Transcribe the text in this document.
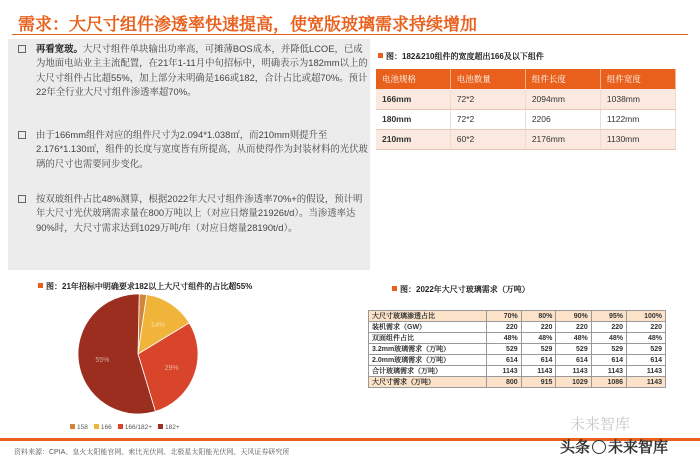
需求：大尺寸组件渗透率快速提高，使宽版玻璃需求持续增加
再看宽玻。大尺寸组件单块输出功率高，可摊薄BOS成本，并降低LCOE，已成为地面电站业主主流配置，在21年1-11月中旬招标中，明确表示为182mm以上的大尺寸组件占比超55%，加上部分未明确是166或182，合计占比或超70%。预计22年全行业大尺寸组件渗透率超70%。
由于166mm组件对应的组件尺寸为2.094*1.038㎡，而210mm则提升至2.176*1.130㎡，组件的长度与宽度皆有所提高，从而使得作为封装材料的光伏玻璃的尺寸也需要同步变化。
按双玻组件占比48%测算，根据2022年大尺寸组件渗透率70%+的假设，预计明年大尺寸光伏玻璃需求量在800万吨以上（对应日熔量21926t/d）。当渗透率达90%时，大尺寸需求达到1029万吨/年（对应日熔量28190t/d）。
图：182&210组件的宽度超出166及以下组件
电池规格	电池数量	组件长度	组件宽度
166mm	72*2	2094mm	1038mm
180mm	72*2	2206	1122mm
210mm	60*2	2176mm	1130mm
图：21年招标中明确要求182以上大尺寸组件的占比超55%
14%
29%
55%
158 166 166/182+ 182+
图：2022年大尺寸玻璃需求（万吨）
大尺寸玻璃渗透占比	70%	80%	90%	95%	100%
装机需求（GW）	220	220	220	220	220
双面组件占比	48%	48%	48%	48%	48%
3.2mm玻璃需求（万吨）	529	529	529	529	529
2.0mm玻璃需求（万吨）	614	614	614	614	614
合计玻璃需求（万吨）	1143	1143	1143	1143	1143
大尺寸需求（万吨）	800	915	1029	1086	1143
资料来源：CPIA、皇火太阳能官网、索比光伏网、北极星太阳能光伏网、天风证券研究所
未来智库
头条 未来智库
